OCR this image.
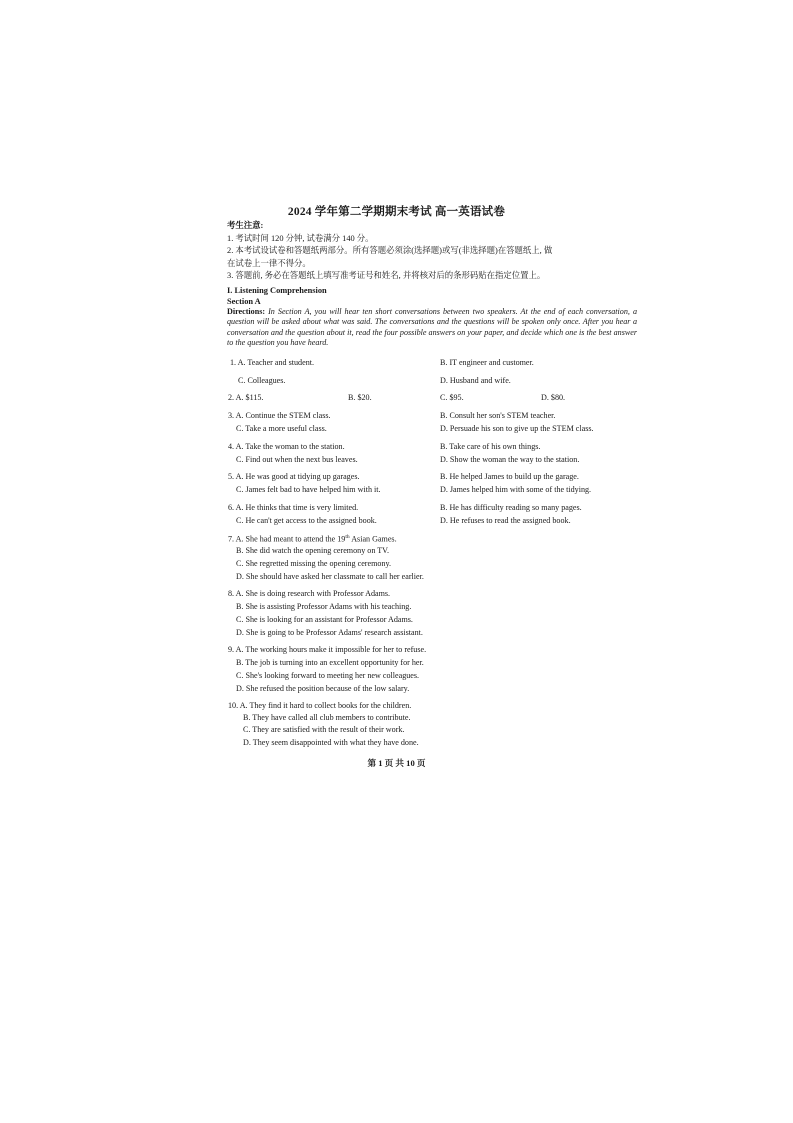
2024 学年第二学期期末考试 高一英语试卷
考生注意:
1. 考试时间 120 分钟, 试卷满分 140 分。
2. 本考试设试卷和答题纸两部分。所有答题必须涂(选择题)或写(非选择题)在答题纸上, 做
在试卷上一律不得分。
3. 答题前, 务必在答题纸上填写准考证号和姓名, 并将核对后的条形码贴在指定位置上。
I. Listening Comprehension
Section A
Directions: In Section A, you will hear ten short conversations between two speakers. At the end of each conversation, a question will be asked about what was said. The conversations and the questions will be spoken only once. After you hear a conversation and the question about it, read the four possible answers on your paper, and decide which one is the best answer to the question you have heard.
1. A. Teacher and student.	B. IT engineer and customer.
C. Colleagues.	D. Husband and wife.
2. A. $115.	B. $20.	C. $95.	D. $80.
3. A. Continue the STEM class.	B. Consult her son's STEM teacher.
C. Take a more useful class.	D. Persuade his son to give up the STEM class.
4. A. Take the woman to the station.	B. Take care of his own things.
C. Find out when the next bus leaves.	D. Show the woman the way to the station.
5. A. He was good at tidying up garages.	B. He helped James to build up the garage.
C. James felt bad to have helped him with it.	D. James helped him with some of the tidying.
6. A. He thinks that time is very limited.	B. He has difficulty reading so many pages.
C. He can't get access to the assigned book.	D. He refuses to read the assigned book.
7. A. She had meant to attend the 19th Asian Games.
B. She did watch the opening ceremony on TV.
C. She regretted missing the opening ceremony.
D. She should have asked her classmate to call her earlier.
8. A. She is doing research with Professor Adams.
B. She is assisting Professor Adams with his teaching.
C. She is looking for an assistant for Professor Adams.
D. She is going to be Professor Adams' research assistant.
9. A. The working hours make it impossible for her to refuse.
B. The job is turning into an excellent opportunity for her.
C. She's looking forward to meeting her new colleagues.
D. She refused the position because of the low salary.
10. A. They find it hard to collect books for the children.
B. They have called all club members to contribute.
C. They are satisfied with the result of their work.
D. They seem disappointed with what they have done.
第 1 页 共 10 页
